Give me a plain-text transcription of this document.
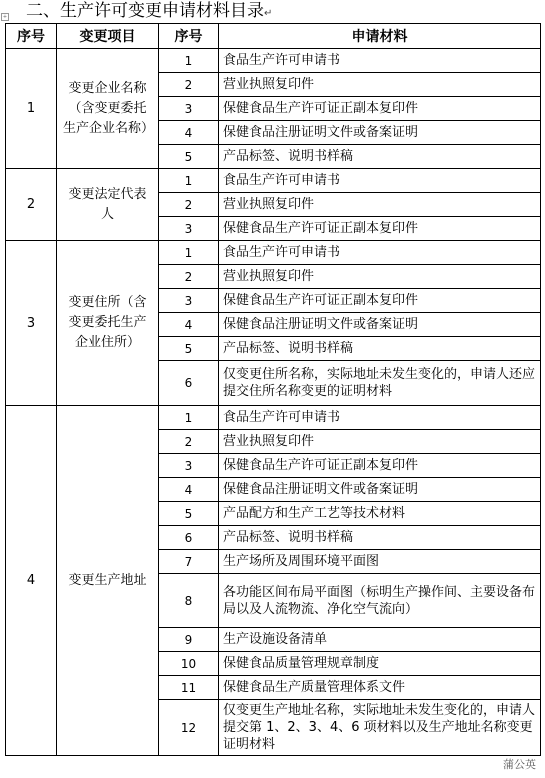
二、生产许可变更申请材料目录↵
+
序号	变更项目	序号	申请材料
1	变更企业名称（含变更委托生产企业名称）	1	食品生产许可申请书
		2	营业执照复印件
		3	保健食品生产许可证正副本复印件
		4	保健食品注册证明文件或备案证明
		5	产品标签、说明书样稿
2	变更法定代表人	1	食品生产许可申请书
		2	营业执照复印件
		3	保健食品生产许可证正副本复印件
3	变更住所（含变更委托生产企业住所）	1	食品生产许可申请书
		2	营业执照复印件
		3	保健食品生产许可证正副本复印件
		4	保健食品注册证明文件或备案证明
		5	产品标签、说明书样稿
		6	仅变更住所名称，实际地址未发生变化的，申请人还应提交住所名称变更的证明材料
4	变更生产地址	1	食品生产许可申请书
		2	营业执照复印件
		3	保健食品生产许可证正副本复印件
		4	保健食品注册证明文件或备案证明
		5	产品配方和生产工艺等技术材料
		6	产品标签、说明书样稿
		7	生产场所及周围环境平面图
		8	各功能区间布局平面图（标明生产操作间、主要设备布局以及人流物流、净化空气流向）
		9	生产设施设备清单
		10	保健食品质量管理规章制度
		11	保健食品生产质量管理体系文件
		12	仅变更生产地址名称，实际地址未发生变化的，申请人提交第 1、2、3、4、6 项材料以及生产地址名称变更证明材料
蒲公英
